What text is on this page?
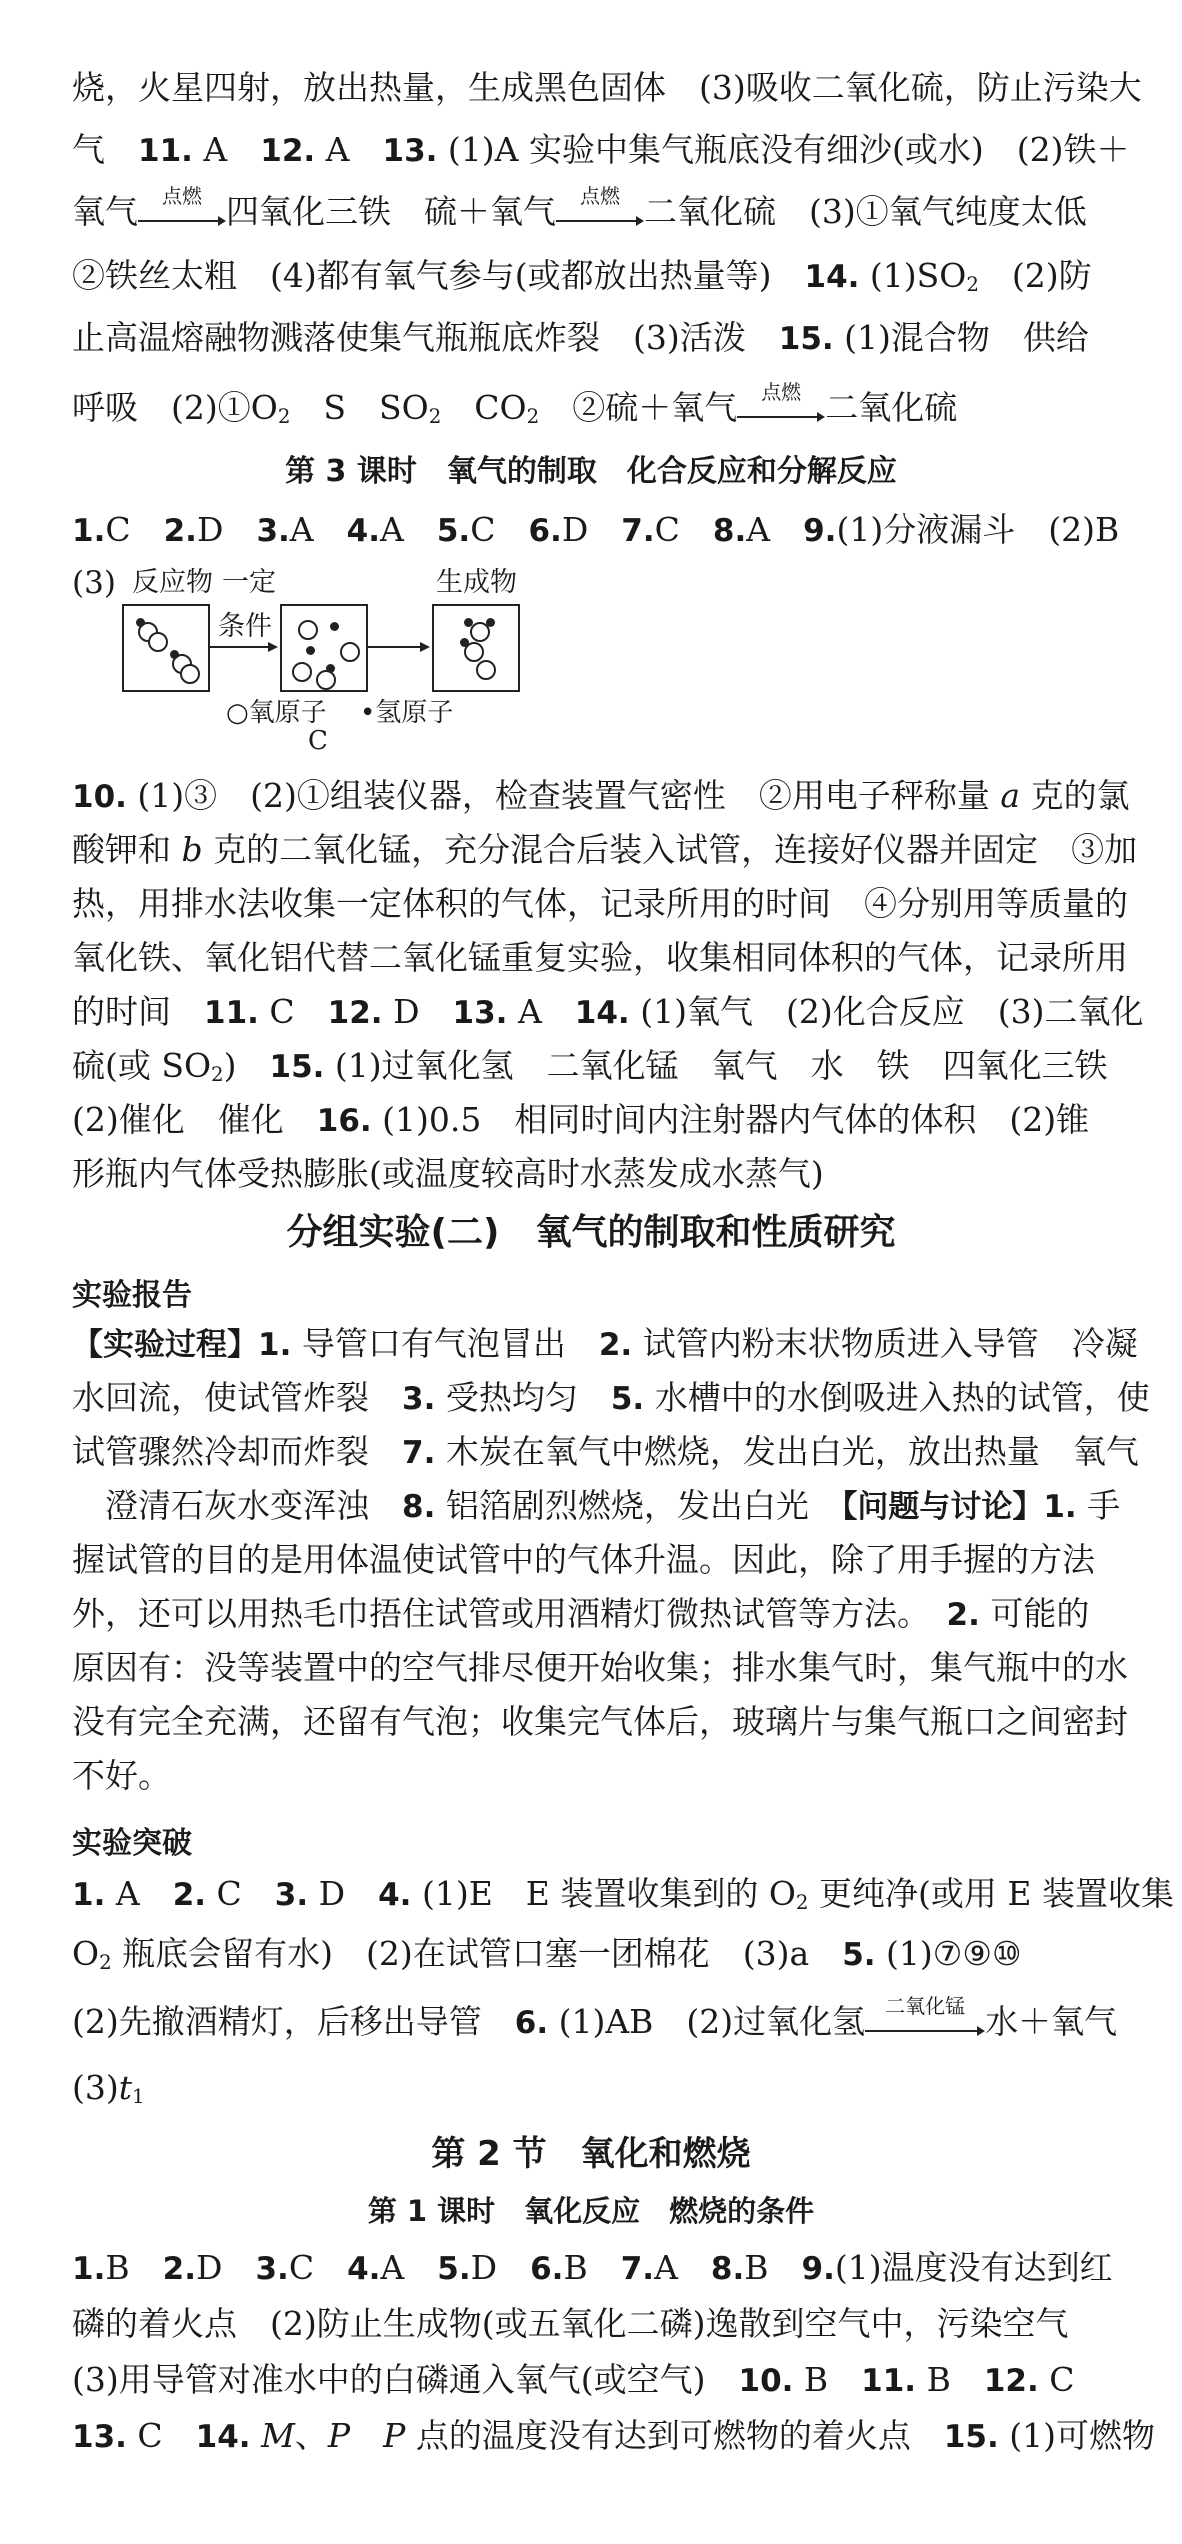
烧，火星四射，放出热量，生成黑色固体　(3)吸收二氧化硫，防止污染大
气　11. A　12. A　13. (1)A 实验中集气瓶底没有细沙(或水)　(2)铁＋
氧气	点燃 四氧化三铁　硫＋氧气	点燃 二氧化硫　(3)①氧气纯度太低
②铁丝太粗　(4)都有氧气参与(或都放出热量等)　14. $(1)SO_2$　(2)防
止高温熔融物溅落使集气瓶瓶底炸裂　(3)活泼　15. (1)混合物　供给
呼吸　$(2)①O_2$　S　$SO_2$　$CO_2$　②硫＋氧气	点燃 二氧化硫
第 3 课时　氧气的制取　化合反应和分解反应
1.C　 2.D　 3.A　 4.A　 5.C　 6.D　 7.C　 8.A　 9.(1)分液漏斗　(2)B
(3) 反应物 一定
条件
生成物
○氧原子 •氢原子
C
10. (1)③　(2)①组装仪器，检查装置气密性　②用电子秤称量 a 克的氯
酸钾和 b 克的二氧化锰，充分混合后装入试管，连接好仪器并固定　③加
热，用排水法收集一定体积的气体，记录所用的时间　④分别用等质量的
氧化铁、氧化铝代替二氧化锰重复实验，收集相同体积的气体，记录所用
的时间　11. C　12. D　13. A　14. (1)氧气　(2)化合反应　(3)二氧化
硫(或 $SO_2$)　15. (1)过氧化氢　二氧化锰　氧气　水　铁　四氧化三铁
(2)催化　催化　16. (1)0.5　相同时间内注射器内气体的体积　(2)锥
形瓶内气体受热膨胀(或温度较高时水蒸发成水蒸气)
分组实验(二)　氧气的制取和性质研究
实验报告
【实验过程】1. 导管口有气泡冒出　2. 试管内粉末状物质进入导管　冷凝
水回流，使试管炸裂　3. 受热均匀　5. 水槽中的水倒吸进入热的试管，使
试管骤然冷却而炸裂　7. 木炭在氧气中燃烧，发出白光，放出热量　氧气
　澄清石灰水变浑浊　8. 铝箔剧烈燃烧，发出白光　【问题与讨论】1. 手
握试管的目的是用体温使试管中的气体升温。因此，除了用手握的方法
外，还可以用热毛巾捂住试管或用酒精灯微热试管等方法。　2. 可能的
原因有：没等装置中的空气排尽便开始收集；排水集气时，集气瓶中的水
没有完全充满，还留有气泡；收集完气体后，玻璃片与集气瓶口之间密封
不好。
实验突破
1. A　2. C　3. D　4. (1)E　E 装置收集到的 $O_2$ 更纯净(或用 E 装置收集
$O_2$ 瓶底会留有水)　(2)在试管口塞一团棉花　(3)a　5. (1)⑦⑨⑩
(2)先撤酒精灯，后移出导管　6. (1)AB　(2)过氧化氢	二氧化锰 水＋氧气
$(3)t_1$
第 2 节　氧化和燃烧
第 1 课时　氧化反应　燃烧的条件
1.B　 2.D　 3.C　 4.A　 5.D　 6.B　 7.A　 8.B　 9.(1)温度没有达到红
磷的着火点　(2)防止生成物(或五氧化二磷)逸散到空气中，污染空气
(3)用导管对准水中的白磷通入氧气(或空气)　10. B　11. B　12. C
13. C　14. M、P　 P 点的温度没有达到可燃物的着火点　15. (1)可燃物
